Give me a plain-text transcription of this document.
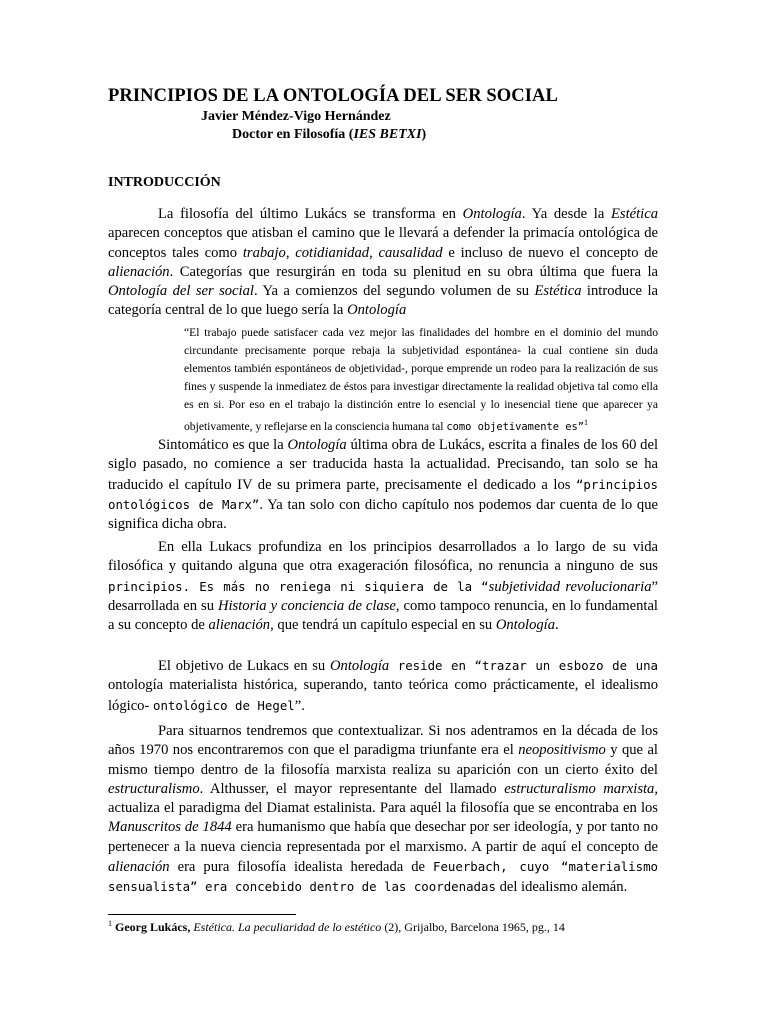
PRINCIPIOS DE LA ONTOLOGÍA DEL SER SOCIAL
Javier Méndez-Vigo Hernández
Doctor en Filosofía (IES BETXI)
INTRODUCCIÓN

La filosofía del último Lukács se transforma en Ontología. Ya desde la Estética aparecen conceptos que atisban el camino que le llevará a defender la primacía ontológica de conceptos tales como trabajo, cotidianidad, causalidad e incluso de nuevo el concepto de alienación. Categorías que resurgirán en toda su plenitud en su obra última que fuera la Ontología del ser social. Ya a comienzos del segundo volumen de su Estética introduce la categoría central de lo que luego sería la Ontología

“El trabajo puede satisfacer cada vez mejor las finalidades del hombre en el dominio del mundo circundante precisamente porque rebaja la subjetividad espontánea- la cual contiene sin duda elementos también espontáneos de objetividad-, porque emprende un rodeo para la realización de sus fines y suspende la inmediatez de éstos para investigar directamente la realidad objetiva tal como ella es en si. Por eso en el trabajo la distinción entre lo esencial y lo inesencial tiene que aparecer ya objetivamente, y reflejarse en la consciencia humana tal como objetivamente es”$^1$

Sintomático es que la Ontología última obra de Lukács, escrita a finales de los 60 del siglo pasado, no comience a ser traducida hasta la actualidad. Precisando, tan solo se ha traducido el capítulo IV de su primera parte, precisamente el dedicado a los “principios ontológicos de Marx”. Ya tan solo con dicho capítulo nos podemos dar cuenta de lo que significa dicha obra.

En ella Lukacs profundiza en los principios desarrollados a lo largo de su vida filosófica y quitando alguna que otra exageración filosófica, no renuncia a ninguno de sus principios. Es más no reniega ni siquiera de la “subjetividad revolucionaria” desarrollada en su Historia y conciencia de clase, como tampoco renuncia, en lo fundamental a su concepto de alienación, que tendrá un capítulo especial en su Ontología.

El objetivo de Lukacs en su Ontología reside en “trazar un esbozo de una ontología materialista histórica, superando, tanto teórica como prácticamente, el idealismo lógico- ontológico de Hegel”.

Para situarnos tendremos que contextualizar. Si nos adentramos en la década de los años 1970 nos encontraremos con que el paradigma triunfante era el neopositivismo y que al mismo tiempo dentro de la filosofía marxista realiza su aparición con un cierto éxito del estructuralismo. Althusser, el mayor representante del llamado estructuralismo marxista, actualiza el paradigma del Diamat estalinista. Para aquél la filosofía que se encontraba en los Manuscritos de 1844 era humanismo que había que desechar por ser ideología, y por tanto no pertenecer a la nueva ciencia representada por el marxismo. A partir de aquí el concepto de alienación era pura filosofía idealista heredada de Feuerbach, cuyo “materialismo sensualista” era concebido dentro de las coordenadas del idealismo alemán.

$^1$ Georg Lukács, Estética. La peculiaridad de lo estético (2), Grijalbo, Barcelona 1965, pg., 14
